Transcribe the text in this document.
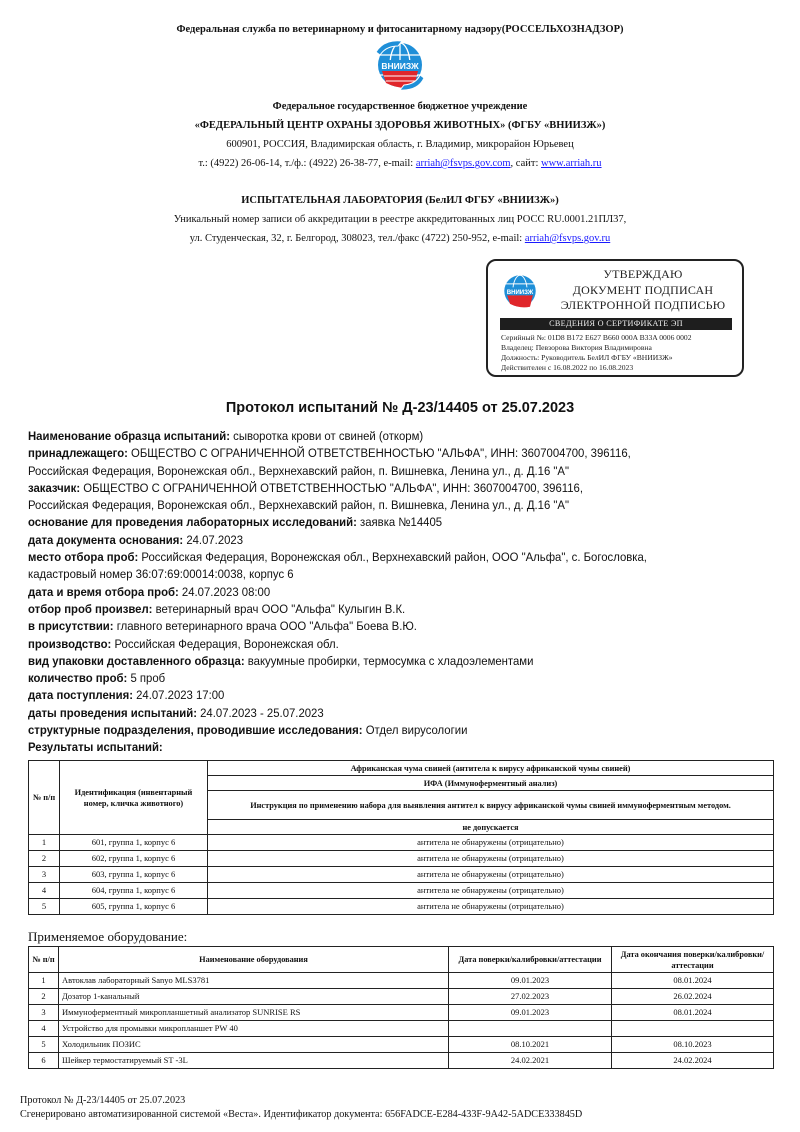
Федеральная служба по ветеринарному и фитосанитарному надзору(РОССЕЛЬХОЗНАДЗОР)
ВНИИЗЖ
Федеральное государственное бюджетное учреждение
«ФЕДЕРАЛЬНЫЙ ЦЕНТР ОХРАНЫ ЗДОРОВЬЯ ЖИВОТНЫХ» (ФГБУ «ВНИИЗЖ»)
600901, РОССИЯ, Владимирская область, г. Владимир, микрорайон Юрьевец
т.: (4922) 26-06-14, т./ф.: (4922) 26-38-77, e-mail: arriah@fsvps.gov.com, сайт: www.arriah.ru
ИСПЫТАТЕЛЬНАЯ ЛАБОРАТОРИЯ (БелИЛ ФГБУ «ВНИИЗЖ»)
Уникальный номер записи об аккредитации в реестре аккредитованных лиц РОСС RU.0001.21ПЛ37,
ул. Студенческая, 32, г. Белгород, 308023, тел./факс (4722) 250-952, e-mail: arriah@fsvps.gov.ru
ВНИИЗЖ
УТВЕРЖДАЮ
ДОКУМЕНТ ПОДПИСАН
ЭЛЕКТРОННОЙ ПОДПИСЬЮ
СВЕДЕНИЯ О СЕРТИФИКАТЕ ЭП
Серийный №: 01D8 B172 E627 B660 000A B33A 0006 0002
Владелец: Певзорова Виктория Владимировна
Должность: Руководитель БелИЛ ФГБУ «ВНИИЗЖ»
Действителен с 16.08.2022 по 16.08.2023
Протокол испытаний № Д-23/14405 от 25.07.2023
Наименование образца испытаний: сыворотка крови от свиней (откорм)
принадлежащего: ОБЩЕСТВО С ОГРАНИЧЕННОЙ ОТВЕТСТВЕННОСТЬЮ "АЛЬФА", ИНН: 3607004700, 396116,
Российская Федерация, Воронежская обл., Верхнехавский район, п. Вишневка, Ленина ул., д. Д.16 "А"
заказчик: ОБЩЕСТВО С ОГРАНИЧЕННОЙ ОТВЕТСТВЕННОСТЬЮ "АЛЬФА", ИНН: 3607004700, 396116,
Российская Федерация, Воронежская обл., Верхнехавский район, п. Вишневка, Ленина ул., д. Д.16 "А"
основание для проведения лабораторных исследований: заявка №14405
дата документа основания: 24.07.2023
место отбора проб: Российская Федерация, Воронежская обл., Верхнехавский район, ООО "Альфа", с. Богословка,
кадастровый номер 36:07:69:00014:0038, корпус 6
дата и время отбора проб: 24.07.2023 08:00
отбор проб произвел: ветеринарный врач ООО "Альфа" Кулыгин В.К.
в присутствии: главного ветеринарного врача ООО "Альфа" Боева В.Ю.
производство: Российская Федерация, Воронежская обл.
вид упаковки доставленного образца: вакуумные пробирки, термосумка с хладоэлементами
количество проб: 5 проб
дата поступления: 24.07.2023 17:00
даты проведения испытаний: 24.07.2023 - 25.07.2023
структурные подразделения, проводившие исследования: Отдел вирусологии
Результаты испытаний:
№ п/п	Идентификация (инвентарный номер, кличка животного)	Африканская чума свиней (антитела к вирусу африканской чумы свиней)
		ИФА (Иммуноферментный анализ)
		Инструкция по применению набора для выявления антител к вирусу африканской чумы свиней иммуноферментным методом.
		не допускается
1	601, группа 1, корпус 6	антитела не обнаружены (отрицательно)
2	602, группа 1, корпус 6	антитела не обнаружены (отрицательно)
3	603, группа 1, корпус 6	антитела не обнаружены (отрицательно)
4	604, группа 1, корпус 6	антитела не обнаружены (отрицательно)
5	605, группа 1, корпус 6	антитела не обнаружены (отрицательно)
Применяемое оборудование:
№ п/п	Наименование оборудования	Дата поверки/калибровки/аттестации	Дата окончания поверки/калибровки/аттестации
1	Автоклав лабораторный Sanyo MLS3781	09.01.2023	08.01.2024
2	Дозатор 1-канальный	27.02.2023	26.02.2024
3	Иммуноферментный микропланшетный анализатор SUNRISE RS	09.01.2023	08.01.2024
4	Устройство для промывки микропланшет PW 40		
5	Холодильник ПОЗИС	08.10.2021	08.10.2023
6	Шейкер термостатируемый ST -3L	24.02.2021	24.02.2024
Протокол № Д-23/14405 от 25.07.2023
Сгенерировано автоматизированной системой «Веста». Идентификатор документа: 656FADCE-E284-433F-9A42-5ADCE333845D
